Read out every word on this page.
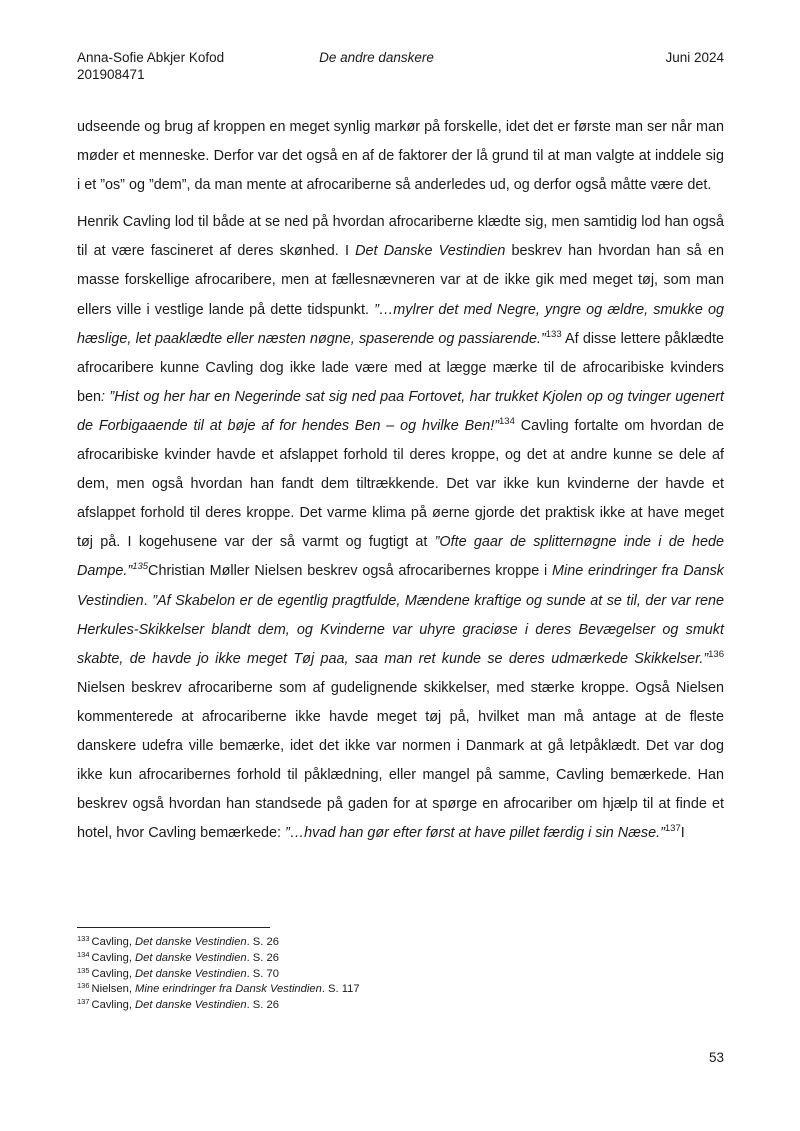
Anna-Sofie Abkjer Kofod
201908471
De andre danskere	Juni 2024

udseende og brug af kroppen en meget synlig markør på forskelle, idet det er første man ser når man møder et menneske. Derfor var det også en af de faktorer der lå grund til at man valgte at inddele sig i et ”os” og ”dem”, da man mente at afrocariberne så anderledes ud, og derfor også måtte være det.

Henrik Cavling lod til både at se ned på hvordan afrocariberne klædte sig, men samtidig lod han også til at være fascineret af deres skønhed. I Det Danske Vestindien beskrev han hvordan han så en masse forskellige afrocaribere, men at fællesnævneren var at de ikke gik med meget tøj, som man ellers ville i vestlige lande på dette tidspunkt. ”…mylrer det med Negre, yngre og ældre, smukke og hæslige, let paaklædte eller næsten nøgne, spaserende og passiarende.”$^{133}$ Af disse lettere påklædte afrocaribere kunne Cavling dog ikke lade være med at lægge mærke til de afrocaribiske kvinders ben: ”Hist og her har en Negerinde sat sig ned paa Fortovet, har trukket Kjolen op og tvinger ugenert de Forbigaaende til at bøje af for hendes Ben – og hvilke Ben!”$^{134}$ Cavling fortalte om hvordan de afrocaribiske kvinder havde et afslappet forhold til deres kroppe, og det at andre kunne se dele af dem, men også hvordan han fandt dem tiltrækkende. Det var ikke kun kvinderne der havde et afslappet forhold til deres kroppe. Det varme klima på øerne gjorde det praktisk ikke at have meget tøj på. I kogehusene var der så varmt og fugtigt at ”Ofte gaar de splitternøgne inde i de hede Dampe.”$^{135}$Christian Møller Nielsen beskrev også afrocaribernes kroppe i Mine erindringer fra Dansk Vestindien. ”Af Skabelon er de egentlig pragtfulde, Mændene kraftige og sunde at se til, der var rene Herkules-Skikkelser blandt dem, og Kvinderne var uhyre graciøse i deres Bevægelser og smukt skabte, de havde jo ikke meget Tøj paa, saa man ret kunde se deres udmærkede Skikkelser.”$^{136}$ Nielsen beskrev afrocariberne som af gudelignende skikkelser, med stærke kroppe. Også Nielsen kommenterede at afrocariberne ikke havde meget tøj på, hvilket man må antage at de fleste danskere udefra ville bemærke, idet det ikke var normen i Danmark at gå letpåklædt. Det var dog ikke kun afrocaribernes forhold til påklædning, eller mangel på samme, Cavling bemærkede. Han beskrev også hvordan han standsede på gaden for at spørge en afrocariber om hjælp til at finde et hotel, hvor Cavling bemærkede: ”…hvad han gør efter først at have pillet færdig i sin Næse.”$^{137}$I

$^{133}$ Cavling, Det danske Vestindien. S. 26
$^{134}$ Cavling, Det danske Vestindien. S. 26
$^{135}$ Cavling, Det danske Vestindien. S. 70
$^{136}$ Nielsen, Mine erindringer fra Dansk Vestindien. S. 117
$^{137}$ Cavling, Det danske Vestindien. S. 26
53
